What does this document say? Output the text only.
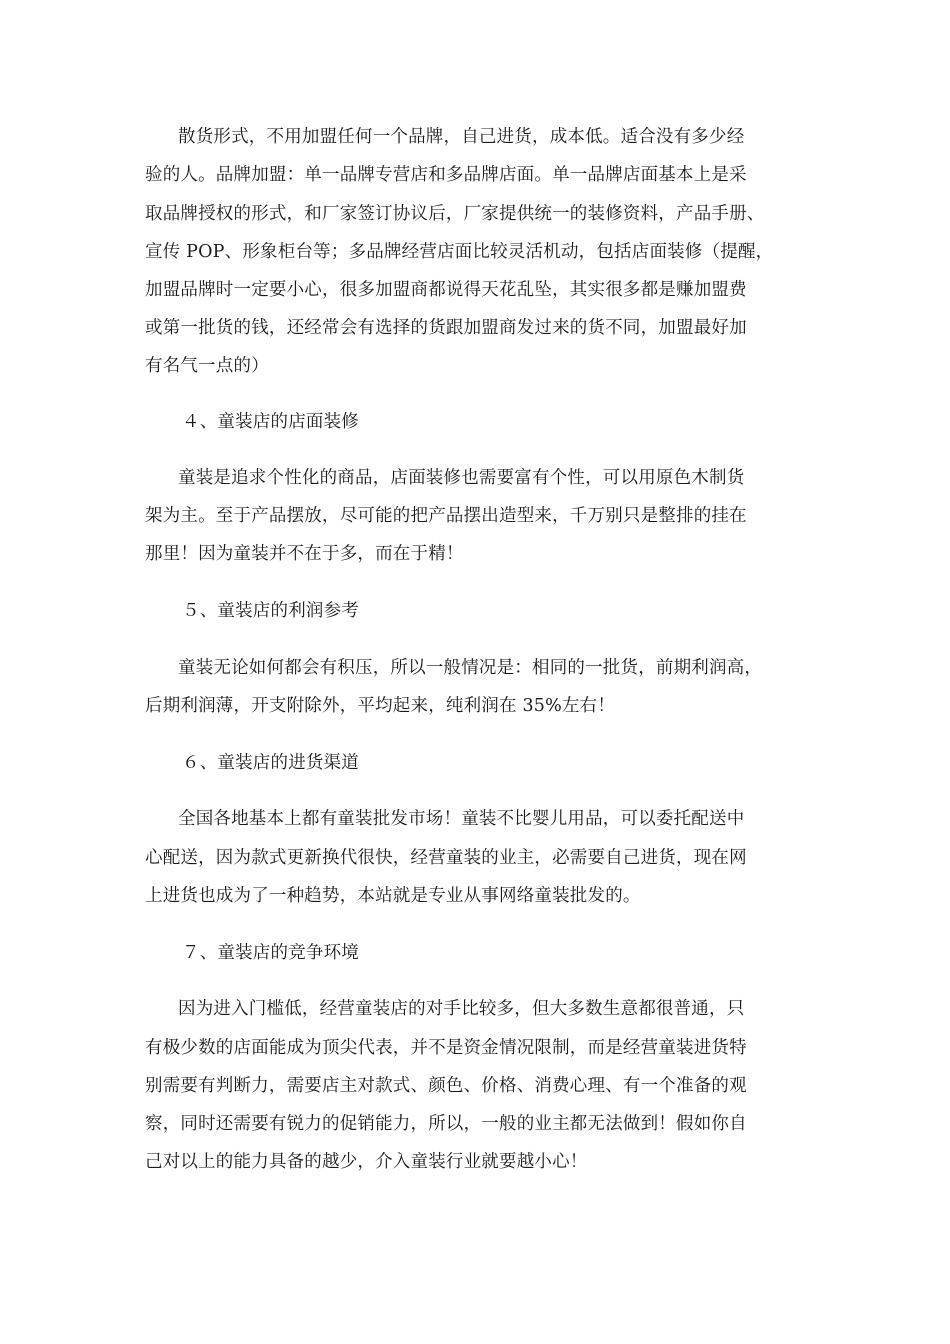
散货形式，不用加盟任何一个品牌，自己进货，成本低。适合没有多少经
验的人。品牌加盟：单一品牌专营店和多品牌店面。单一品牌店面基本上是采
取品牌授权的形式，和厂家签订协议后，厂家提供统一的装修资料，产品手册、
宣传 POP、形象柜台等；多品牌经营店面比较灵活机动，包括店面装修（提醒，
加盟品牌时一定要小心，很多加盟商都说得天花乱坠，其实很多都是赚加盟费
或第一批货的钱，还经常会有选择的货跟加盟商发过来的货不同，加盟最好加
有名气一点的）
４、童装店的店面装修
童装是追求个性化的商品，店面装修也需要富有个性，可以用原色木制货
架为主。至于产品摆放，尽可能的把产品摆出造型来，千万别只是整排的挂在
那里！因为童装并不在于多，而在于精！
５、童装店的利润参考
童装无论如何都会有积压，所以一般情况是：相同的一批货，前期利润高，
后期利润薄，开支附除外，平均起来，纯利润在 35%左右！
６、童装店的进货渠道
全国各地基本上都有童装批发市场！童装不比婴儿用品，可以委托配送中
心配送，因为款式更新换代很快，经营童装的业主，必需要自己进货，现在网
上进货也成为了一种趋势，本站就是专业从事网络童装批发的。
７、童装店的竞争环境
因为进入门槛低，经营童装店的对手比较多，但大多数生意都很普通，只
有极少数的店面能成为顶尖代表，并不是资金情况限制，而是经营童装进货特
别需要有判断力，需要店主对款式、颜色、价格、消费心理、有一个准备的观
察，同时还需要有锐力的促销能力，所以，一般的业主都无法做到！假如你自
己对以上的能力具备的越少，介入童装行业就要越小心！
